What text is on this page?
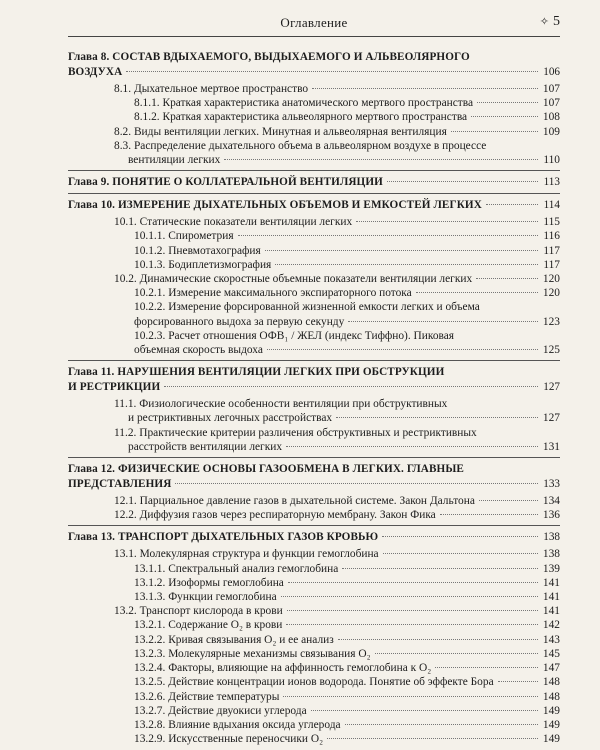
Оглавление	✧ 5
Глава 8. СОСТАВ ВДЫХАЕМОГО, ВЫДЫХАЕМОГО И АЛЬВЕОЛЯРНОГО
ВОЗДУХА	106
8.1. Дыхательное мертвое пространство	107
8.1.1. Краткая характеристика анатомического мертвого пространства	107
8.1.2. Краткая характеристика альвеолярного мертвого пространства	108
8.2. Виды вентиляции легких. Минутная и альвеолярная вентиляция	109
8.3. Распределение дыхательного объема в альвеолярном воздухе в процессе
вентиляции легких	110
Глава 9. ПОНЯТИЕ О КОЛЛАТЕРАЛЬНОЙ ВЕНТИЛЯЦИИ	113
Глава 10. ИЗМЕРЕНИЕ ДЫХАТЕЛЬНЫХ ОБЪЕМОВ И ЕМКОСТЕЙ ЛЕГКИХ	114
10.1. Статические показатели вентиляции легких	115
10.1.1. Спирометрия	116
10.1.2. Пневмотахография	117
10.1.3. Бодиплетизмография	117
10.2. Динамические скоростные объемные показатели вентиляции легких	120
10.2.1. Измерение максимального экспираторного потока	120
10.2.2. Измерение форсированной жизненной емкости легких и объема
форсированного выдоха за первую секунду	123
10.2.3. Расчет отношения ОФВ₁ / ЖЕЛ (индекс Тиффно). Пиковая
объемная скорость выдоха	125
Глава 11. НАРУШЕНИЯ ВЕНТИЛЯЦИИ ЛЕГКИХ ПРИ ОБСТРУКЦИИ
И РЕСТРИКЦИИ	127
11.1. Физиологические особенности вентиляции при обструктивных
и рестриктивных легочных расстройствах	127
11.2. Практические критерии различения обструктивных и рестриктивных
расстройств вентиляции легких	131
Глава 12. ФИЗИЧЕСКИЕ ОСНОВЫ ГАЗООБМЕНА В ЛЕГКИХ. ГЛАВНЫЕ
ПРЕДСТАВЛЕНИЯ	133
12.1. Парциальное давление газов в дыхательной системе. Закон Дальтона	134
12.2. Диффузия газов через респираторную мембрану. Закон Фика	136
Глава 13. ТРАНСПОРТ ДЫХАТЕЛЬНЫХ ГАЗОВ КРОВЬЮ	138
13.1. Молекулярная структура и функции гемоглобина	138
13.1.1. Спектральный анализ гемоглобина	139
13.1.2. Изоформы гемоглобина	141
13.1.3. Функции гемоглобина	141
13.2. Транспорт кислорода в крови	141
13.2.1. Содержание O₂ в крови	142
13.2.2. Кривая связывания O₂ и ее анализ	143
13.2.3. Молекулярные механизмы связывания O₂	145
13.2.4. Факторы, влияющие на аффинность гемоглобина к O₂	147
13.2.5. Действие концентрации ионов водорода. Понятие об эффекте Бора	148
13.2.6. Действие температуры	148
13.2.7. Действие двуокиси углерода	149
13.2.8. Влияние вдыхания оксида углерода	149
13.2.9. Искусственные переносчики O₂	149
